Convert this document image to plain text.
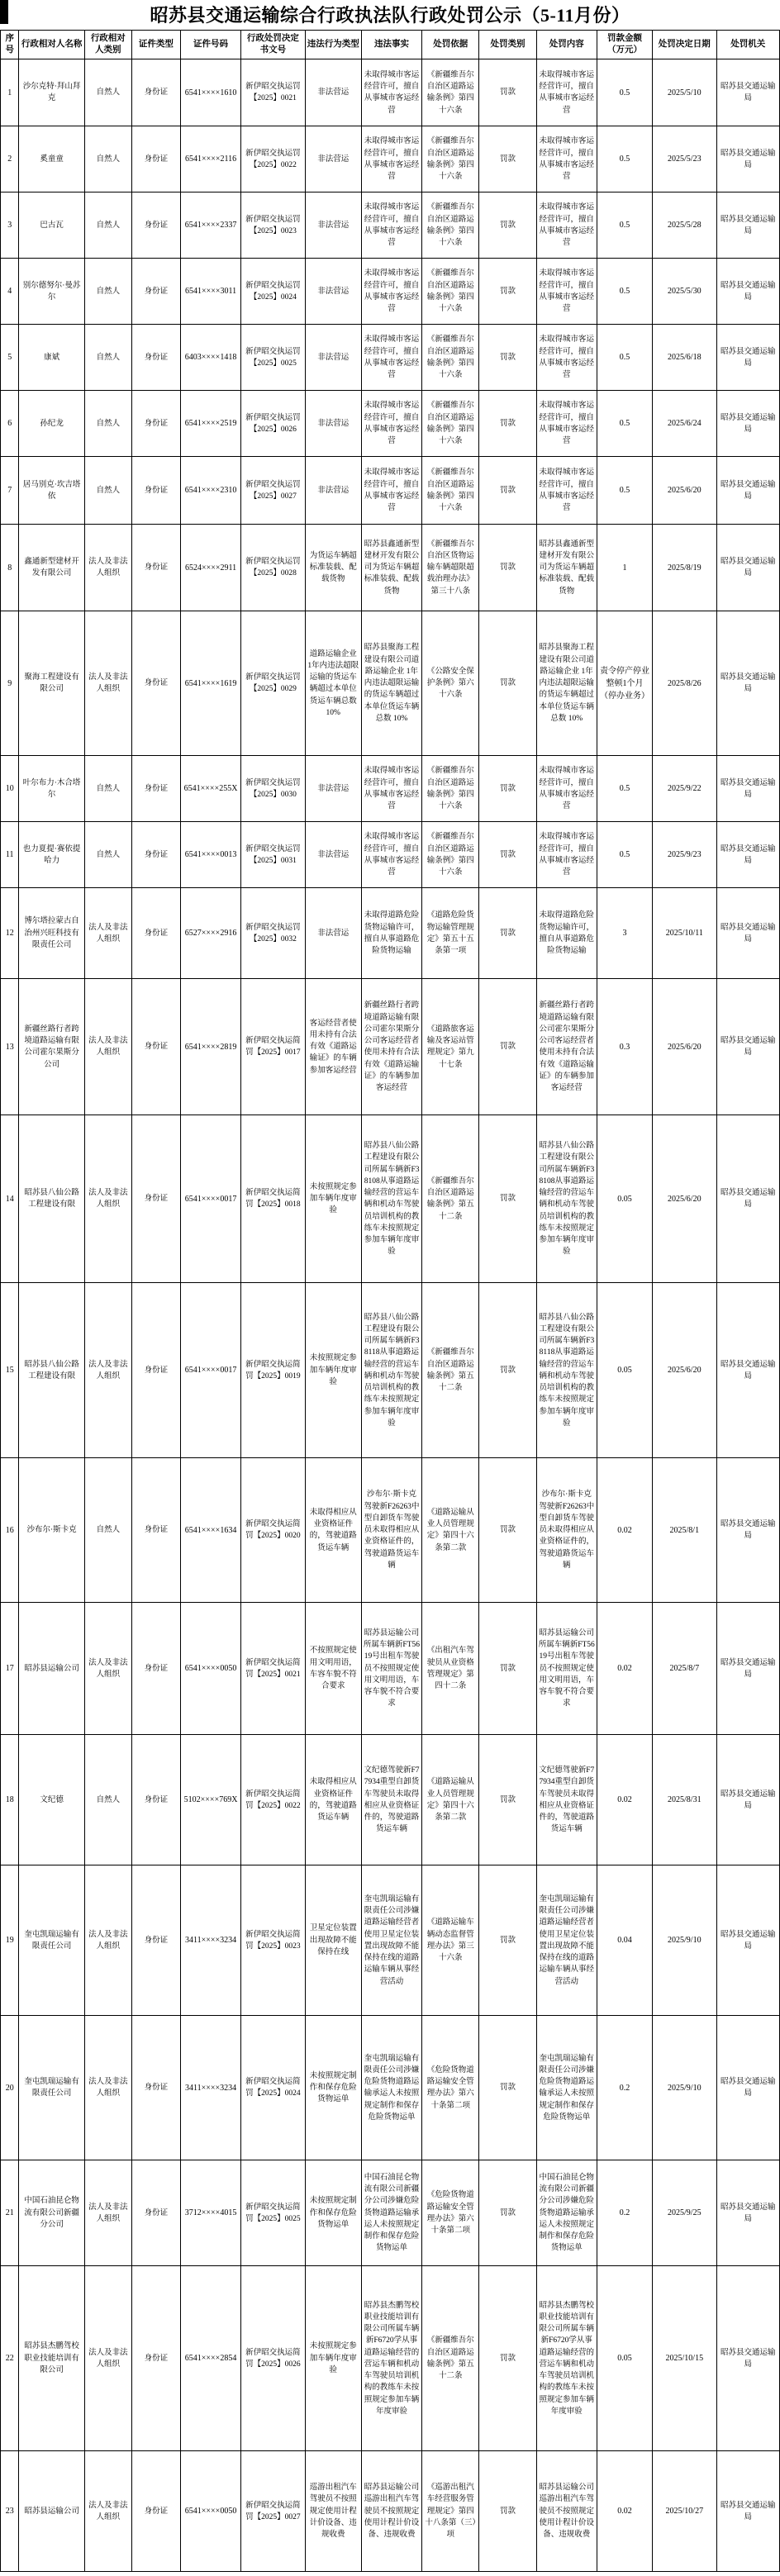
昭苏县交通运输综合行政执法队行政处罚公示（5-11月份）
序号	行政相对人名称	行政相对人类别	证件类型	证件号码	行政处罚决定书文号	违法行为类型	违法事实	处罚依据	处罚类别	处罚内容	罚款金额（万元）	处罚决定日期	处罚机关
1	沙尔克特·拜山拜克	自然人	身份证	6541××××1610	新伊昭交执运罚【2025】0021	非法营运	未取得城市客运经营许可，擅自从事城市客运经营	《新疆维吾尔自治区道路运输条例》第四十六条	罚款	未取得城市客运经营许可，擅自从事城市客运经营	0.5	2025/5/10	昭苏县交通运输局
2	奚童童	自然人	身份证	6541××××2116	新伊昭交执运罚【2025】0022	非法营运	未取得城市客运经营许可，擅自从事城市客运经营	《新疆维吾尔自治区道路运输条例》第四十六条	罚款	未取得城市客运经营许可，擅自从事城市客运经营	0.5	2025/5/23	昭苏县交通运输局
3	巴古瓦	自然人	身份证	6541××××2337	新伊昭交执运罚【2025】0023	非法营运	未取得城市客运经营许可，擅自从事城市客运经营	《新疆维吾尔自治区道路运输条例》第四十六条	罚款	未取得城市客运经营许可，擅自从事城市客运经营	0.5	2025/5/28	昭苏县交通运输局
4	别尔德努尔·曼苏尔	自然人	身份证	6541××××3011	新伊昭交执运罚【2025】0024	非法营运	未取得城市客运经营许可，擅自从事城市客运经营	《新疆维吾尔自治区道路运输条例》第四十六条	罚款	未取得城市客运经营许可，擅自从事城市客运经营	0.5	2025/5/30	昭苏县交通运输局
5	康斌	自然人	身份证	6403××××1418	新伊昭交执运罚【2025】0025	非法营运	未取得城市客运经营许可，擅自从事城市客运经营	《新疆维吾尔自治区道路运输条例》第四十六条	罚款	未取得城市客运经营许可，擅自从事城市客运经营	0.5	2025/6/18	昭苏县交通运输局
6	孙纪龙	自然人	身份证	6541××××2519	新伊昭交执运罚【2025】0026	非法营运	未取得城市客运经营许可，擅自从事城市客运经营	《新疆维吾尔自治区道路运输条例》第四十六条	罚款	未取得城市客运经营许可，擅自从事城市客运经营	0.5	2025/6/24	昭苏县交通运输局
7	居马别克·坎吉塔依	自然人	身份证	6541××××2310	新伊昭交执运罚【2025】0027	非法营运	未取得城市客运经营许可，擅自从事城市客运经营	《新疆维吾尔自治区道路运输条例》第四十六条	罚款	未取得城市客运经营许可，擅自从事城市客运经营	0.5	2025/6/20	昭苏县交通运输局
8	鑫通新型建材开发有限公司	法人及非法人组织	身份证	6524××××2911	新伊昭交执运罚【2025】0028	为货运车辆超标准装载、配载货物	昭苏县鑫通新型建材开发有限公司为货运车辆超标准装载、配载货物	《新疆维吾尔自治区货物运输车辆超限超载治理办法》第三十八条	罚款	昭苏县鑫通新型建材开发有限公司为货运车辆超标准装载、配载货物	1	2025/8/19	昭苏县交通运输局
9	聚海工程建设有限公司	法人及非法人组织	身份证	6541××××1619	新伊昭交执运罚【2025】0029	道路运输企业 1年内违法超限运输的货运车辆超过本单位货运车辆总数 10%	昭苏县聚海工程建设有限公司道路运输企业 1年内违法超限运输的货运车辆超过本单位货运车辆总数 10%	《公路安全保护条例》第六十六条	罚款	昭苏县聚海工程建设有限公司道路运输企业 1年内违法超限运输的货运车辆超过本单位货运车辆总数 10%	责令停产停业整顿1个月（停办业务）	2025/8/26	昭苏县交通运输局
10	叶尔布力·木合塔尔	自然人	身份证	6541××××255X	新伊昭交执运罚【2025】0030	非法营运	未取得城市客运经营许可，擅自从事城市客运经营	《新疆维吾尔自治区道路运输条例》第四十六条	罚款	未取得城市客运经营许可，擅自从事城市客运经营	0.5	2025/9/22	昭苏县交通运输局
11	也力夏提·赛依提哈力	自然人	身份证	6541××××0013	新伊昭交执运罚【2025】0031	非法营运	未取得城市客运经营许可，擅自从事城市客运经营	《新疆维吾尔自治区道路运输条例》第四十六条	罚款	未取得城市客运经营许可，擅自从事城市客运经营	0.5	2025/9/23	昭苏县交通运输局
12	博尔塔拉蒙古自治州兴旺科技有限责任公司	法人及非法人组织	身份证	6527××××2916	新伊昭交执运罚【2025】0032	非法营运	未取得道路危险货物运输许可，擅自从事道路危险货物运输	《道路危险货物运输管理规定》第五十五条第一项	罚款	未取得道路危险货物运输许可，擅自从事道路危险货物运输	3	2025/10/11	昭苏县交通运输局
13	新疆丝路行者跨境道路运输有限公司霍尔果斯分公司	法人及非法人组织	身份证	6541××××2819	新伊昭交执运简罚【2025】0017	客运经营者使用未持有合法有效《道路运输证》的车辆参加客运经营	新疆丝路行者跨境道路运输有限公司霍尔果斯分公司客运经营者使用未持有合法有效《道路运输证》的车辆参加客运经营	《道路旅客运输及客运站管理规定》第九十七条	罚款	新疆丝路行者跨境道路运输有限公司霍尔果斯分公司客运经营者使用未持有合法有效《道路运输证》的车辆参加客运经营	0.3	2025/6/20	昭苏县交通运输局
14	昭苏县八仙公路工程建设有限	法人及非法人组织	身份证	6541××××0017	新伊昭交执运简罚【2025】0018	未按照规定参加车辆年度审验	昭苏县八仙公路工程建设有限公司所属车辆新F38108从事道路运输经营的营运车辆和机动车驾驶员培训机构的教练车未按照规定参加车辆年度审验	《新疆维吾尔自治区道路运输条例》第五十二条	罚款	昭苏县八仙公路工程建设有限公司所属车辆新F38108从事道路运输经营的营运车辆和机动车驾驶员培训机构的教练车未按照规定参加车辆年度审验	0.05	2025/6/20	昭苏县交通运输局
15	昭苏县八仙公路工程建设有限	法人及非法人组织	身份证	6541××××0017	新伊昭交执运简罚【2025】0019	未按照规定参加车辆年度审验	昭苏县八仙公路工程建设有限公司所属车辆新F38118从事道路运输经营的营运车辆和机动车驾驶员培训机构的教练车未按照规定参加车辆年度审验	《新疆维吾尔自治区道路运输条例》第五十二条	罚款	昭苏县八仙公路工程建设有限公司所属车辆新F38118从事道路运输经营的营运车辆和机动车驾驶员培训机构的教练车未按照规定参加车辆年度审验	0.05	2025/6/20	昭苏县交通运输局
16	沙布尔·斯卡克	自然人	身份证	6541××××1634	新伊昭交执运简罚【2025】0020	未取得相应从业资格证件的，驾驶道路货运车辆	沙布尔·斯卡克驾驶新F26263中型自卸货车驾驶员未取得相应从业资格证件的，驾驶道路货运车辆	《道路运输从业人员管理规定》第四十六条第二款	罚款	沙布尔·斯卡克驾驶新F26263中型自卸货车驾驶员未取得相应从业资格证件的，驾驶道路货运车辆	0.02	2025/8/1	昭苏县交通运输局
17	昭苏县运输公司	法人及非法人组织	身份证	6541××××0050	新伊昭交执运简罚【2025】0021	不按照规定使用文明用语，车容车貌不符合要求	昭苏县运输公司所属车辆新FT5619号出租车驾驶员不按照规定使用文明用语，车容车貌不符合要求	《出租汽车驾驶员从业资格管理规定》第四十二条	罚款	昭苏县运输公司所属车辆新FT5619号出租车驾驶员不按照规定使用文明用语，车容车貌不符合要求	0.02	2025/8/7	昭苏县交通运输局
18	文纪德	自然人	身份证	5102××××769X	新伊昭交执运简罚【2025】0022	未取得相应从业资格证件的，驾驶道路货运车辆	文纪德驾驶新F77934重型自卸货车驾驶员未取得相应从业资格证件的，驾驶道路货运车辆	《道路运输从业人员管理规定》第四十六条第二款	罚款	文纪德驾驶新F77934重型自卸货车驾驶员未取得相应从业资格证件的，驾驶道路货运车辆	0.02	2025/8/31	昭苏县交通运输局
19	奎屯凯瑞运输有限责任公司	法人及非法人组织	身份证	3411××××3234	新伊昭交执运简罚【2025】0023	卫星定位装置出现故障不能保持在线	奎屯凯瑞运输有限责任公司涉嫌道路运输经营者使用卫星定位装置出现故障不能保持在线的道路运输车辆从事经营活动	《道路运输车辆动态监督管理办法》第三十六条	罚款	奎屯凯瑞运输有限责任公司涉嫌道路运输经营者使用卫星定位装置出现故障不能保持在线的道路运输车辆从事经营活动	0.04	2025/9/10	昭苏县交通运输局
20	奎屯凯瑞运输有限责任公司	法人及非法人组织	身份证	3411××××3234	新伊昭交执运简罚【2025】0024	未按照规定制作和保存危险货物运单	奎屯凯瑞运输有限责任公司涉嫌危险货物道路运输承运人未按照规定制作和保存危险货物运单	《危险货物道路运输安全管理办法》第六十条第二项	罚款	奎屯凯瑞运输有限责任公司涉嫌危险货物道路运输承运人未按照规定制作和保存危险货物运单	0.2	2025/9/10	昭苏县交通运输局
21	中国石油昆仑物流有限公司新疆分公司	法人及非法人组织	身份证	3712××××4015	新伊昭交执运简罚【2025】0025	未按照规定制作和保存危险货物运单	中国石油昆仑物流有限公司新疆分公司涉嫌危险货物道路运输承运人未按照规定制作和保存危险货物运单	《危险货物道路运输安全管理办法》第六十条第二项	罚款	中国石油昆仑物流有限公司新疆分公司涉嫌危险货物道路运输承运人未按照规定制作和保存危险货物运单	0.2	2025/9/25	昭苏县交通运输局
22	昭苏县杰鹏驾校职业技能培训有限公司	法人及非法人组织	身份证	6541××××2854	新伊昭交执运简罚【2025】0026	未按照规定参加车辆年度审验	昭苏县杰鹏驾校职业技能培训有限公司所属车辆新F6720学从事道路运输经营的营运车辆和机动车驾驶员培训机构的教练车未按照规定参加车辆年度审验	《新疆维吾尔自治区道路运输条例》第五十二条	罚款	昭苏县杰鹏驾校职业技能培训有限公司所属车辆新F6720学从事道路运输经营的营运车辆和机动车驾驶员培训机构的教练车未按照规定参加车辆年度审验	0.05	2025/10/15	昭苏县交通运输局
23	昭苏县运输公司	法人及非法人组织	身份证	6541××××0050	新伊昭交执运简罚【2025】0027	巡游出租汽车驾驶员不按照规定使用计程计价设备、违规收费	昭苏县运输公司巡游出租汽车驾驶员不按照规定使用计程计价设备、违规收费	《巡游出租汽车经营服务管理规定》第四十八条第（三）项	罚款	昭苏县运输公司巡游出租汽车驾驶员不按照规定使用计程计价设备、违规收费	0.02	2025/10/27	昭苏县交通运输局
